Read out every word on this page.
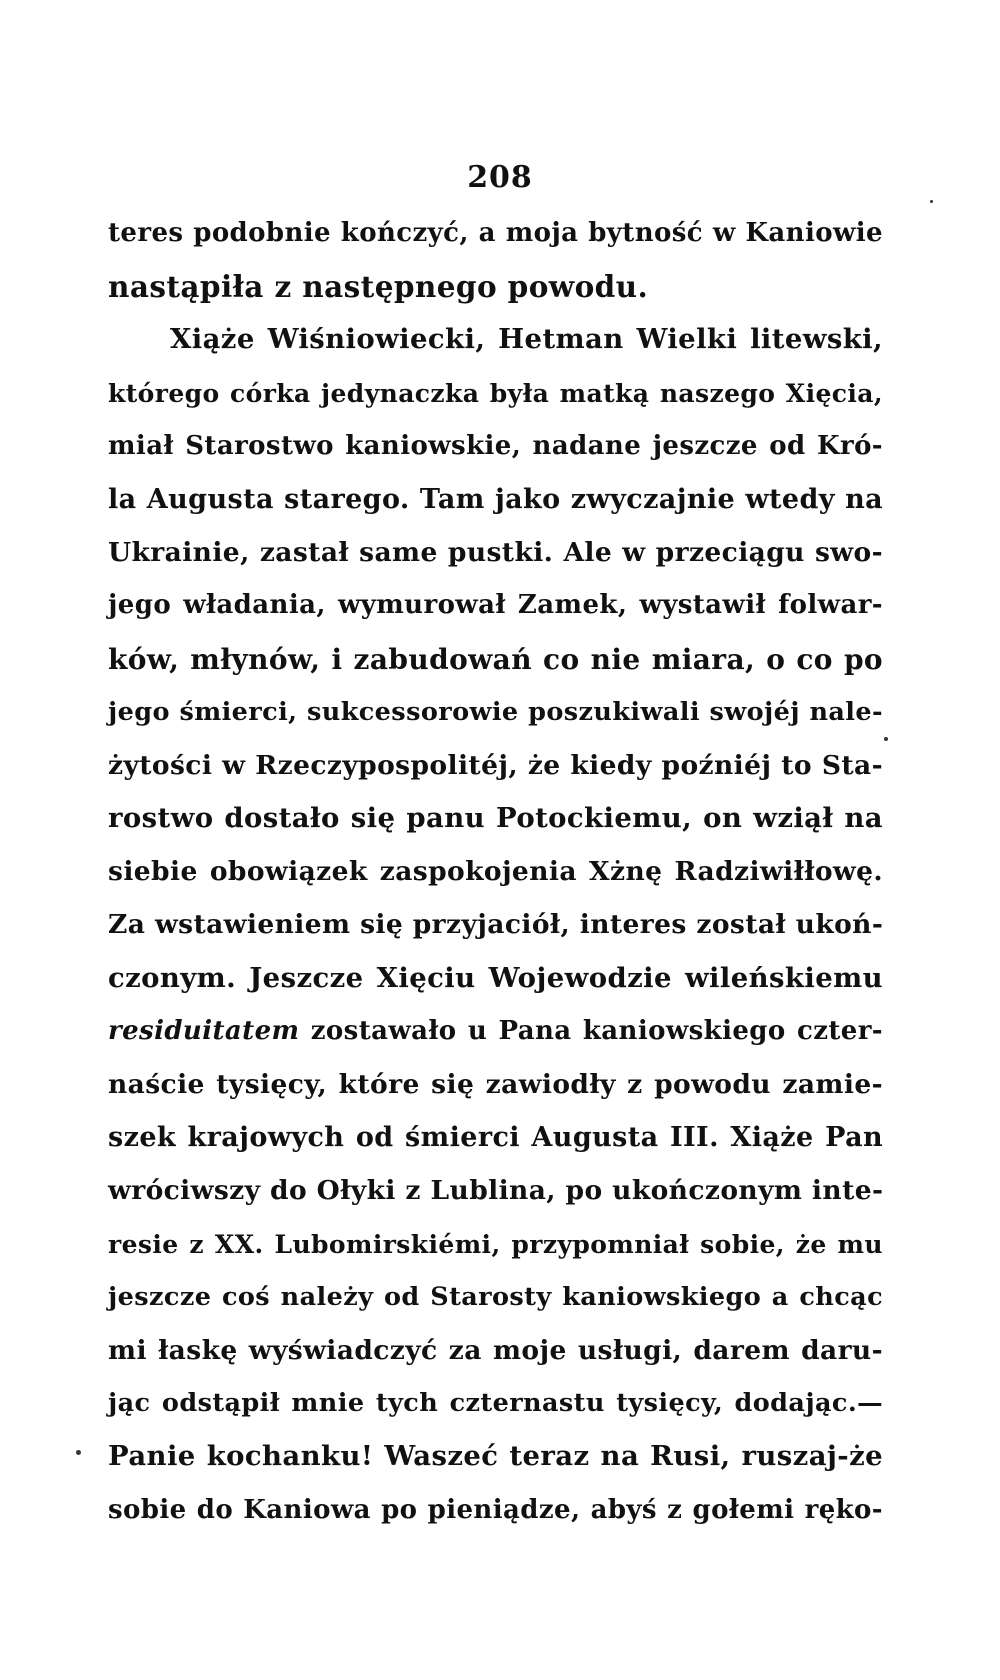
208
teres podobnie kończyć, a moja bytność w Kaniowie
nastąpiła z następnego powodu.
Xiąże Wiśniowiecki, Hetman Wielki litewski,
którego córka jedynaczka była matką naszego Xięcia,
miał Starostwo kaniowskie, nadane jeszcze od Kró-
la Augusta starego. Tam jako zwyczajnie wtedy na
Ukrainie, zastał same pustki. Ale w przeciągu swo-
jego władania, wymurował Zamek, wystawił folwar-
ków, młynów, i zabudowań co nie miara, o co po
jego śmierci, sukcessorowie poszukiwali swojéj nale-
żytości w Rzeczypospolitéj, że kiedy poźniéj to Sta-
rostwo dostało się panu Potockiemu, on wziął na
siebie obowiązek zaspokojenia Xżnę Radziwiłłowę.
Za wstawieniem się przyjaciół, interes został ukoń-
czonym. Jeszcze Xięciu Wojewodzie wileńskiemu
residuitatem zostawało u Pana kaniowskiego czter-
naście tysięcy, które się zawiodły z powodu zamie-
szek krajowych od śmierci Augusta III. Xiąże Pan
wróciwszy do Ołyki z Lublina, po ukończonym inte-
resie z XX. Lubomirskiémi, przypomniał sobie, że mu
jeszcze coś należy od Starosty kaniowskiego a chcąc
mi łaskę wyświadczyć za moje usługi, darem daru-
jąc odstąpił mnie tych czternastu tysięcy, dodając.—
Panie kochanku! Waszeć teraz na Rusi, ruszaj-że
sobie do Kaniowa po pieniądze, abyś z gołemi ręko-
